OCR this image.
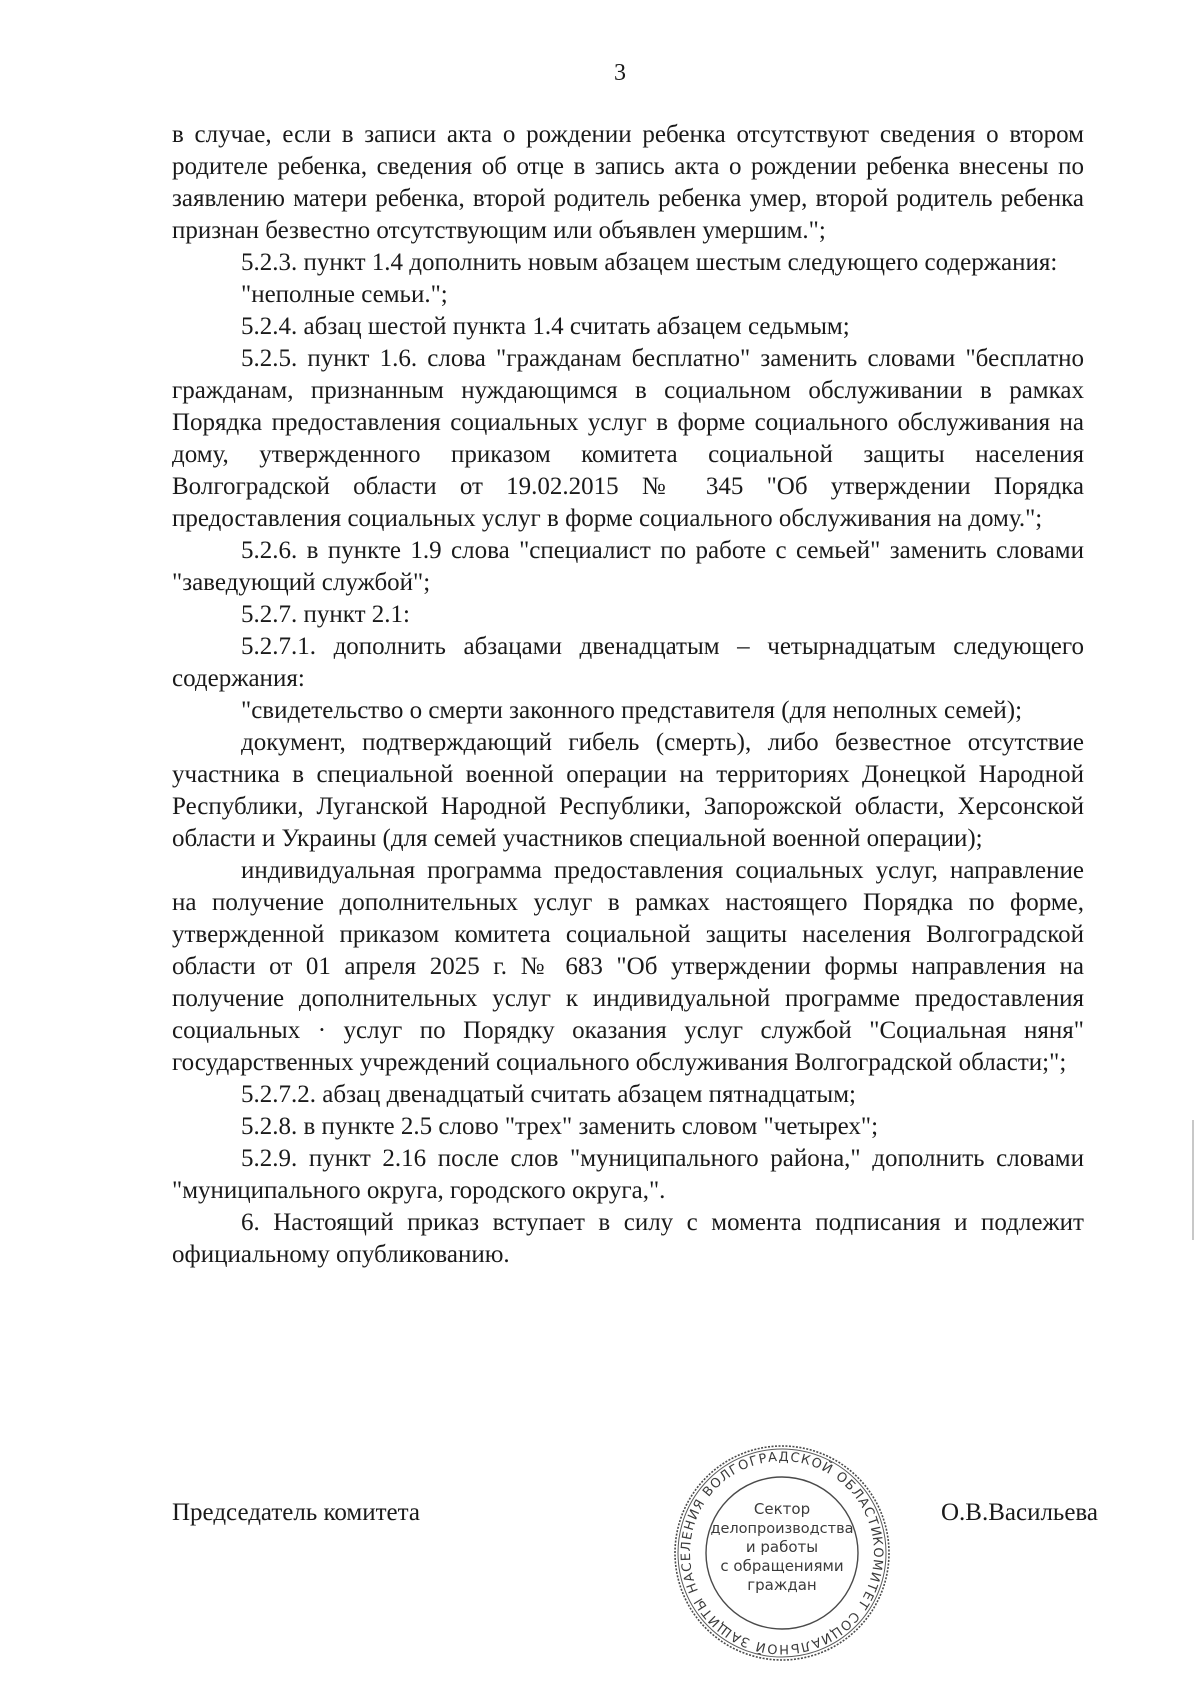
3

в случае, если в записи акта о рождении ребенка отсутствуют сведения о втором родителе ребенка, сведения об отце в запись акта о рождении ребенка внесены по заявлению матери ребенка, второй родитель ребенка умер, второй родитель ребенка признан безвестно отсутствующим или объявлен умершим.";

5.2.3. пункт 1.4 дополнить новым абзацем шестым следующего содержания:

"неполные семьи.";

5.2.4. абзац шестой пункта 1.4 считать абзацем седьмым;

5.2.5. пункт 1.6. слова "гражданам бесплатно" заменить словами "бесплатно гражданам, признанным нуждающимся в социальном обслуживании в рамках Порядка предоставления социальных услуг в форме социального обслуживания на дому, утвержденного приказом комитета социальной защиты населения Волгоградской области от 19.02.2015 № 345 "Об утверждении Порядка предоставления социальных услуг в форме социального обслуживания на дому.";

5.2.6. в пункте 1.9 слова "специалист по работе с семьей" заменить словами "заведующий службой";

5.2.7. пункт 2.1:

5.2.7.1. дополнить абзацами двенадцатым – четырнадцатым следующего содержания:

"свидетельство о смерти законного представителя (для неполных семей);

документ, подтверждающий гибель (смерть), либо безвестное отсутствие участника в специальной военной операции на территориях Донецкой Народной Республики, Луганской Народной Республики, Запорожской области, Херсонской области и Украины (для семей участников специальной военной операции);

индивидуальная программа предоставления социальных услуг, направление на получение дополнительных услуг в рамках настоящего Порядка по форме, утвержденной приказом комитета социальной защиты населения Волгоградской области от 01 апреля 2025 г. № 683 "Об утверждении формы направления на получение дополнительных услуг к индивидуальной программе предоставления социальных · услуг по Порядку оказания услуг службой "Социальная няня" государственных учреждений социального обслуживания Волгоградской области;";

5.2.7.2. абзац двенадцатый считать абзацем пятнадцатым;

5.2.8. в пункте 2.5 слово "трех" заменить словом "четырех";

5.2.9. пункт 2.16 после слов "муниципального района," дополнить словами "муниципального округа, городского округа,".

6. Настоящий приказ вступает в силу с момента подписания и подлежит официальному опубликованию.

Председатель комитета	О.В.Васильева
КОМИТЕТ СОЦИАЛЬНОЙ ЗАЩИТЫ НАСЕЛЕНИЯ ВОЛГОГРАДСКОЙ ОБЛАСТИ
Сектор
делопроизводства
и работы
с обращениями
граждан
